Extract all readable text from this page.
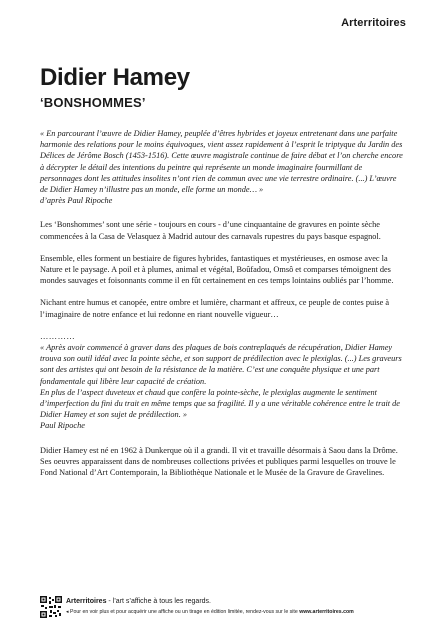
Arterritoires
Didier Hamey
‘BONSHOMMES’

« En parcourant l’œuvre de Didier Hamey, peuplée d’êtres hybrides et joyeux entretenant dans une parfaite harmonie des relations pour le moins équivoques, vient assez rapidement à l’esprit le triptyque du Jardin des Délices de Jérôme Bosch (1453-1516). Cette œuvre magistrale continue de faire débat et l’on cherche encore à décrypter le détail des intentions du peintre qui représente un monde imaginaire fourmillant de personnages dont les attitudes insolites n’ont rien de commun avec une vie terrestre ordinaire. (...) L’œuvre de Didier Hamey n’illustre pas un monde, elle forme un monde… »

d’après Paul Ripoche

Les ‘Bonshommes’ sont une série - toujours en cours - d’une cinquantaine de gravures en pointe sèche commencées à la Casa de Velasquez à Madrid autour des carnavals rupestres du pays basque espagnol.

Ensemble, elles forment un bestiaire de figures hybrides, fantastiques et mystérieuses, en osmose avec la Nature et le paysage. A poil et à plumes, animal et végétal, Boûfadou, Omsô et comparses témoignent des mondes sauvages et foisonnants comme il en fût certainement en ces temps lointains oubliés par l’homme.

Nichant entre humus et canopée, entre ombre et lumière, charmant et affreux, ce peuple de contes puise à l’imaginaire de notre enfance et lui redonne en riant nouvelle vigueur…

…………

« Après avoir commencé à graver dans des plaques de bois contreplaqués de récupération, Didier Hamey trouva son outil idéal avec la pointe sèche, et son support de prédilection avec le plexiglas. (...) Les graveurs sont des artistes qui ont besoin de la résistance de la matière. C’est une conquête physique et une part fondamentale qui libère leur capacité de création.

En plus de l’aspect duveteux et chaud que confère la pointe-sèche, le plexiglas augmente le sentiment d’imperfection du fini du trait en même temps que sa fragilité. Il y a une véritable cohérence entre le trait de Didier Hamey et son sujet de prédilection. »

Paul Ripoche

Didier Hamey est né en 1962 à Dunkerque où il a grandi. Il vit et travaille désormais à Saou dans la Drôme. Ses oeuvres apparaissent dans de nombreuses collections privées et publiques parmi lesquelles on trouve le Fond National d’Art Contemporain, la Bibliothèque Nationale et le Musée de la Gravure de Gravelines.

Arterritoires - l’art s’affiche à tous les regards.
◂ Pour en voir plus et pour acquérir une affiche ou un tirage en édition limitée, rendez-vous sur le site www.arterritoires.com
